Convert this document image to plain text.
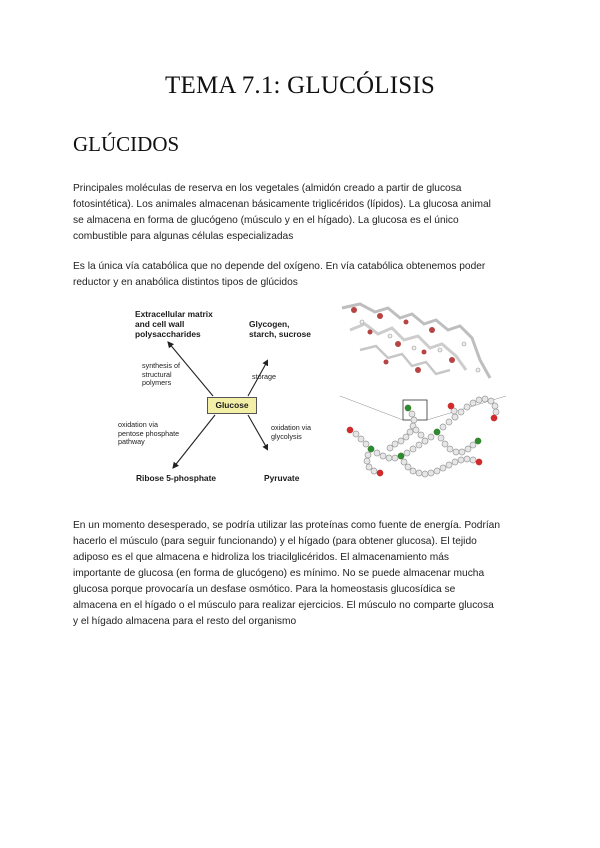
TEMA 7.1: GLUCÓLISIS
GLÚCIDOS
Principales moléculas de reserva en los vegetales (almidón creado a partir de glucosa
fotosintética). Los animales almacenan básicamente triglicéridos (lípidos). La glucosa animal
se almacena en forma de glucógeno (músculo y en el hígado). La glucosa es el único
combustible para algunas células especializadas
Es la única vía catabólica que no depende del oxígeno. En vía catabólica obtenemos poder
reductor y en anabólica distintos tipos de glúcidos
Extracellular matrix
and cell wall
polysaccharides
Glycogen,
starch, sucrose
synthesis of
structural
polymers
storage
Glucose
oxidation via
pentose phosphate
pathway
oxidation via
glycolysis
Ribose 5-phosphate	Pyruvate
En un momento desesperado, se podría utilizar las proteínas como fuente de energía. Podrían
hacerlo el músculo (para seguir funcionando) y el hígado (para obtener glucosa). El tejido
adiposo es el que almacena e hidroliza los triacilglicéridos. El almacenamiento más
importante de glucosa (en forma de glucógeno) es mínimo. No se puede almacenar mucha
glucosa porque provocaría un desfase osmótico. Para la homeostasis glucosídica se
almacena en el hígado o el músculo para realizar ejercicios. El músculo no comparte glucosa
y el hígado almacena para el resto del organismo
